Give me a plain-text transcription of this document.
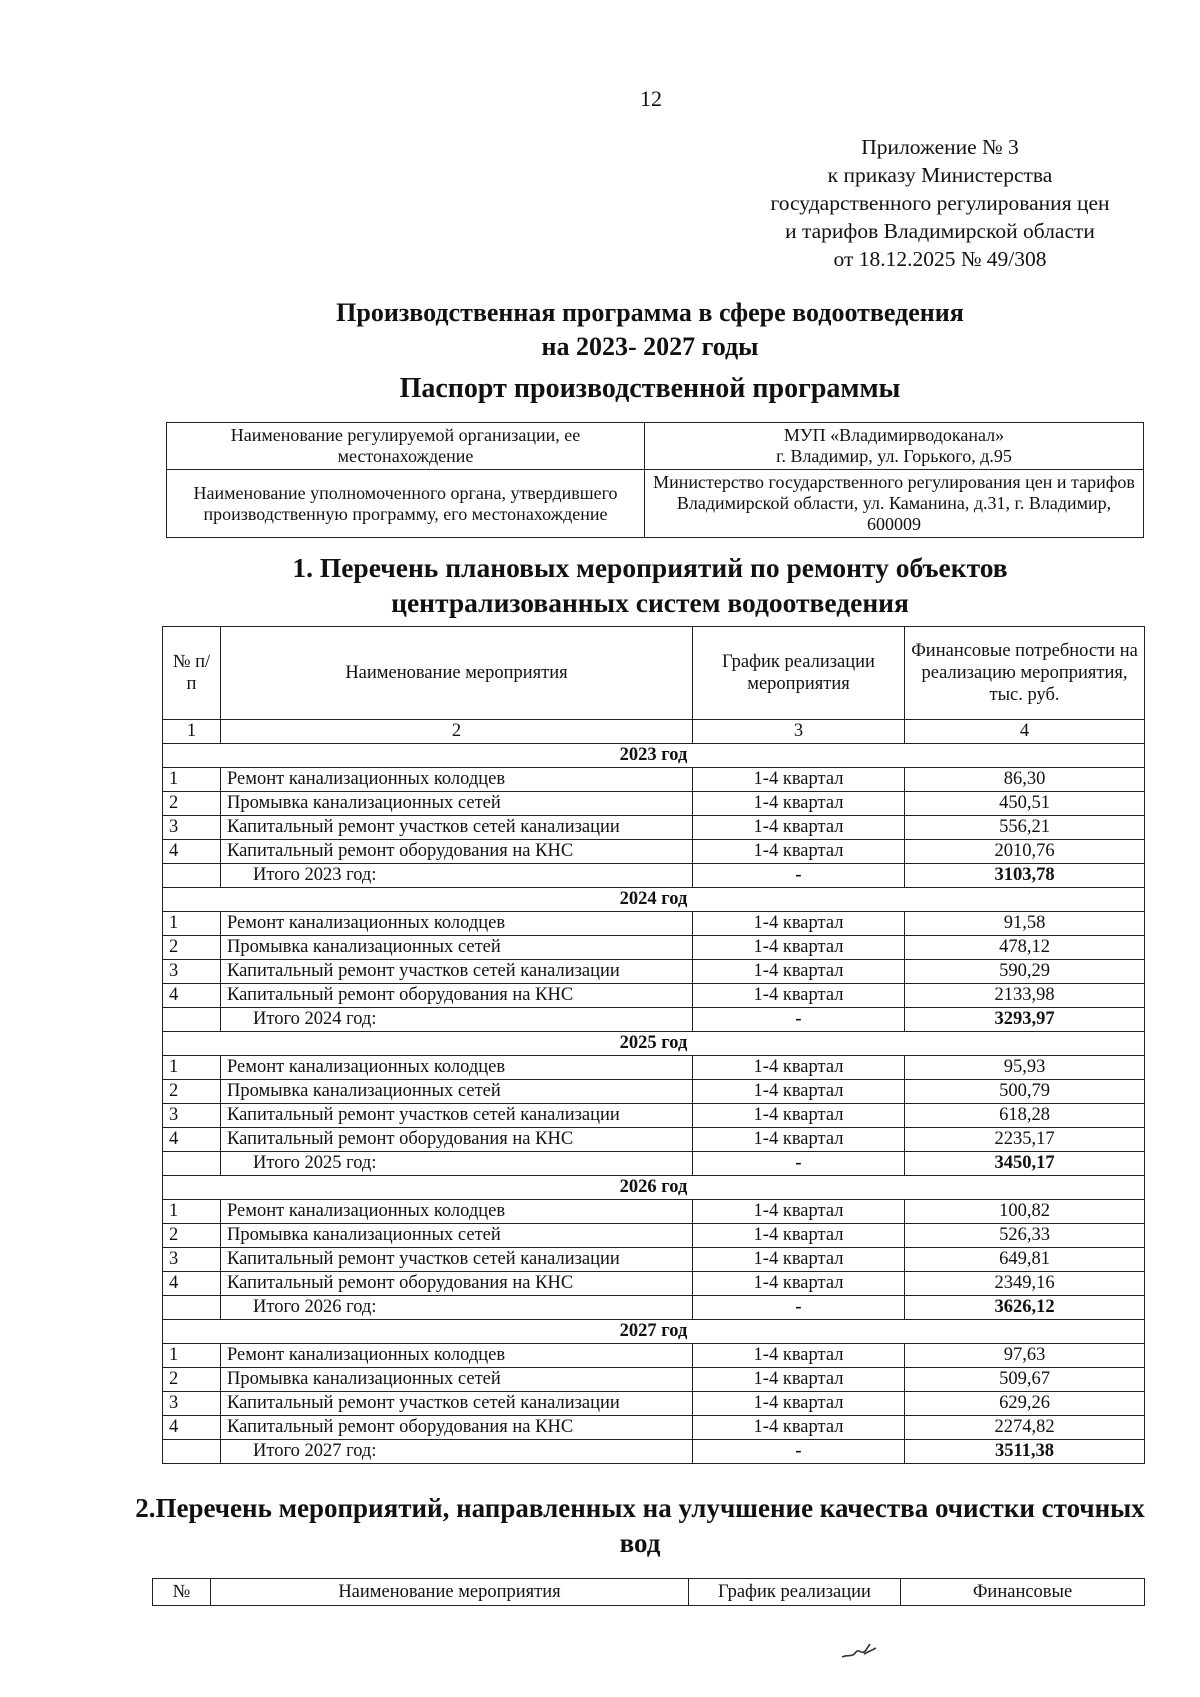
12
Приложение № 3
к приказу Министерства
государственного регулирования цен
и тарифов Владимирской области
от 18.12.2025 № 49/308
Производственная программа в сфере водоотведения
на 2023- 2027 годы
Паспорт производственной программы
Наименование регулируемой организации, ее местонахождение	МУП «Владимирводоканал»
г. Владимир, ул. Горького, д.95

Наименование уполномоченного органа, утвердившего производственную программу, его местонахождение	Министерство государственного регулирования цен и тарифов Владимирской области, ул. Каманина, д.31, г. Владимир, 600009
1. Перечень плановых мероприятий по ремонту объектов
централизованных систем водоотведения
№ п/п	Наименование мероприятия	График реализации мероприятия	Финансовые потребности на реализацию мероприятия, тыс. руб.
1	2	3	4
2023 год			
1	Ремонт канализационных колодцев	1-4 квартал	86,30
2	Промывка канализационных сетей	1-4 квартал	450,51
3	Капитальный ремонт участков сетей канализации	1-4 квартал	556,21
4	Капитальный ремонт оборудования на КНС	1-4 квартал	2010,76
	Итого 2023 год:	-	3103,78
2024 год			
1	Ремонт канализационных колодцев	1-4 квартал	91,58
2	Промывка канализационных сетей	1-4 квартал	478,12
3	Капитальный ремонт участков сетей канализации	1-4 квартал	590,29
4	Капитальный ремонт оборудования на КНС	1-4 квартал	2133,98
	Итого 2024 год:	-	3293,97
2025 год			
1	Ремонт канализационных колодцев	1-4 квартал	95,93
2	Промывка канализационных сетей	1-4 квартал	500,79
3	Капитальный ремонт участков сетей канализации	1-4 квартал	618,28
4	Капитальный ремонт оборудования на КНС	1-4 квартал	2235,17
	Итого 2025 год:	-	3450,17
2026 год			
1	Ремонт канализационных колодцев	1-4 квартал	100,82
2	Промывка канализационных сетей	1-4 квартал	526,33
3	Капитальный ремонт участков сетей канализации	1-4 квартал	649,81
4	Капитальный ремонт оборудования на КНС	1-4 квартал	2349,16
	Итого 2026 год:	-	3626,12
2027 год			
1	Ремонт канализационных колодцев	1-4 квартал	97,63
2	Промывка канализационных сетей	1-4 квартал	509,67
3	Капитальный ремонт участков сетей канализации	1-4 квартал	629,26
4	Капитальный ремонт оборудования на КНС	1-4 квартал	2274,82
	Итого 2027 год:	-	3511,38
2.Перечень мероприятий, направленных на улучшение качества очистки сточных вод
№	Наименование мероприятия	График реализации	Финансовые
